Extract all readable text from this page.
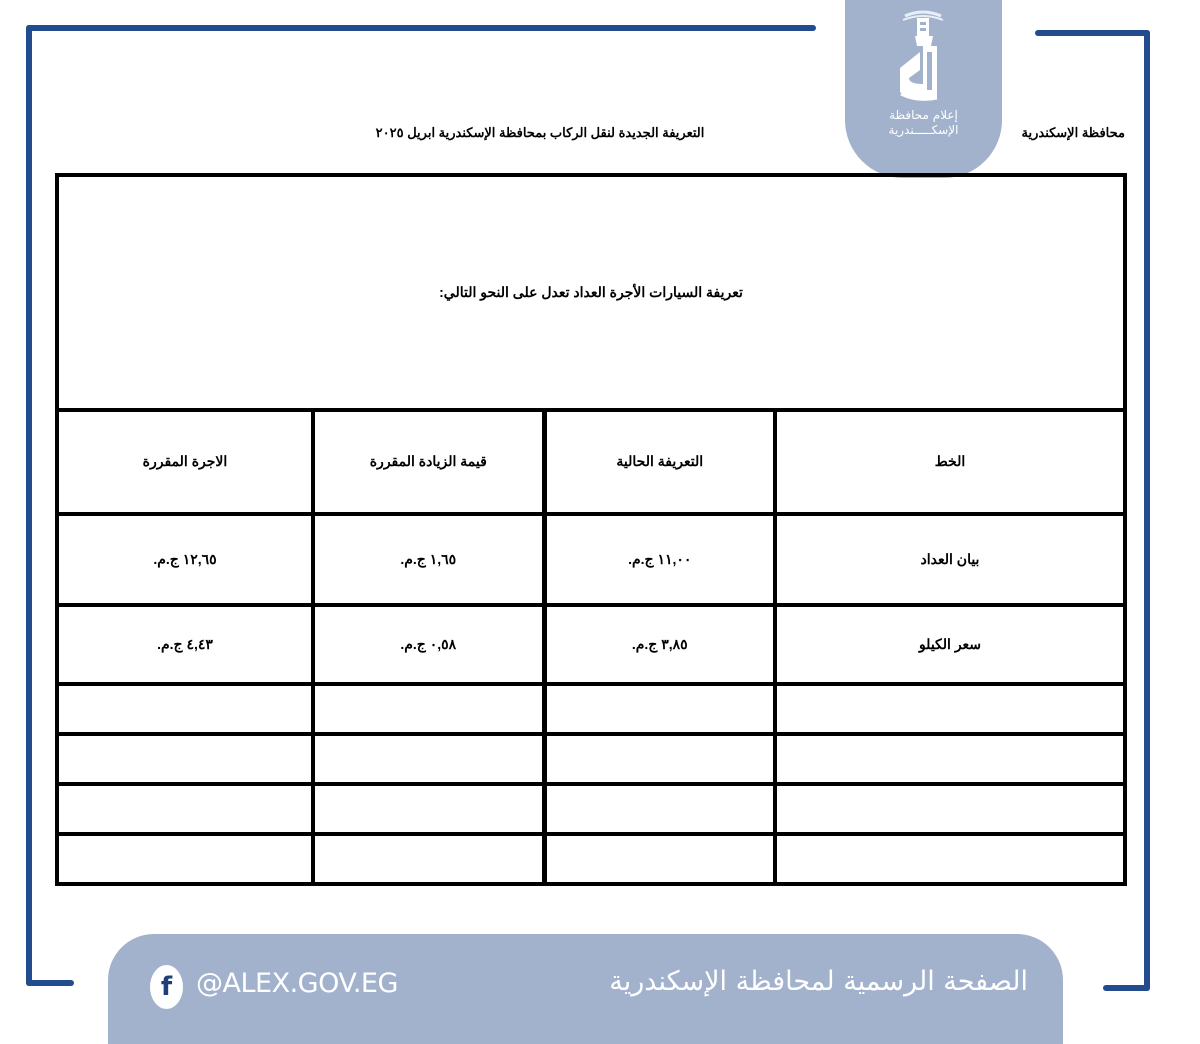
إعلام محافظة
الإسكـــــندرية	محافظة الإسكندرية
التعريفة الجديدة لنقل الركاب بمحافظة الإسكندرية ابريل ٢٠٢٥
تعريفة السيارات الأجرة العداد تعدل على النحو التالي:			
الخط	التعريفة الحالية	قيمة الزيادة المقررة	الاجرة المقررة
بيان العداد	١١,٠٠ ج.م.	١,٦٥ ج.م.	١٢,٦٥ ج.م.
سعر الكيلو	٣,٨٥ ج.م.	٠,٥٨ ج.م.	٤,٤٣ ج.م.

f @ALEX.GOV.EG	الصفحة الرسمية لمحافظة الإسكندرية
